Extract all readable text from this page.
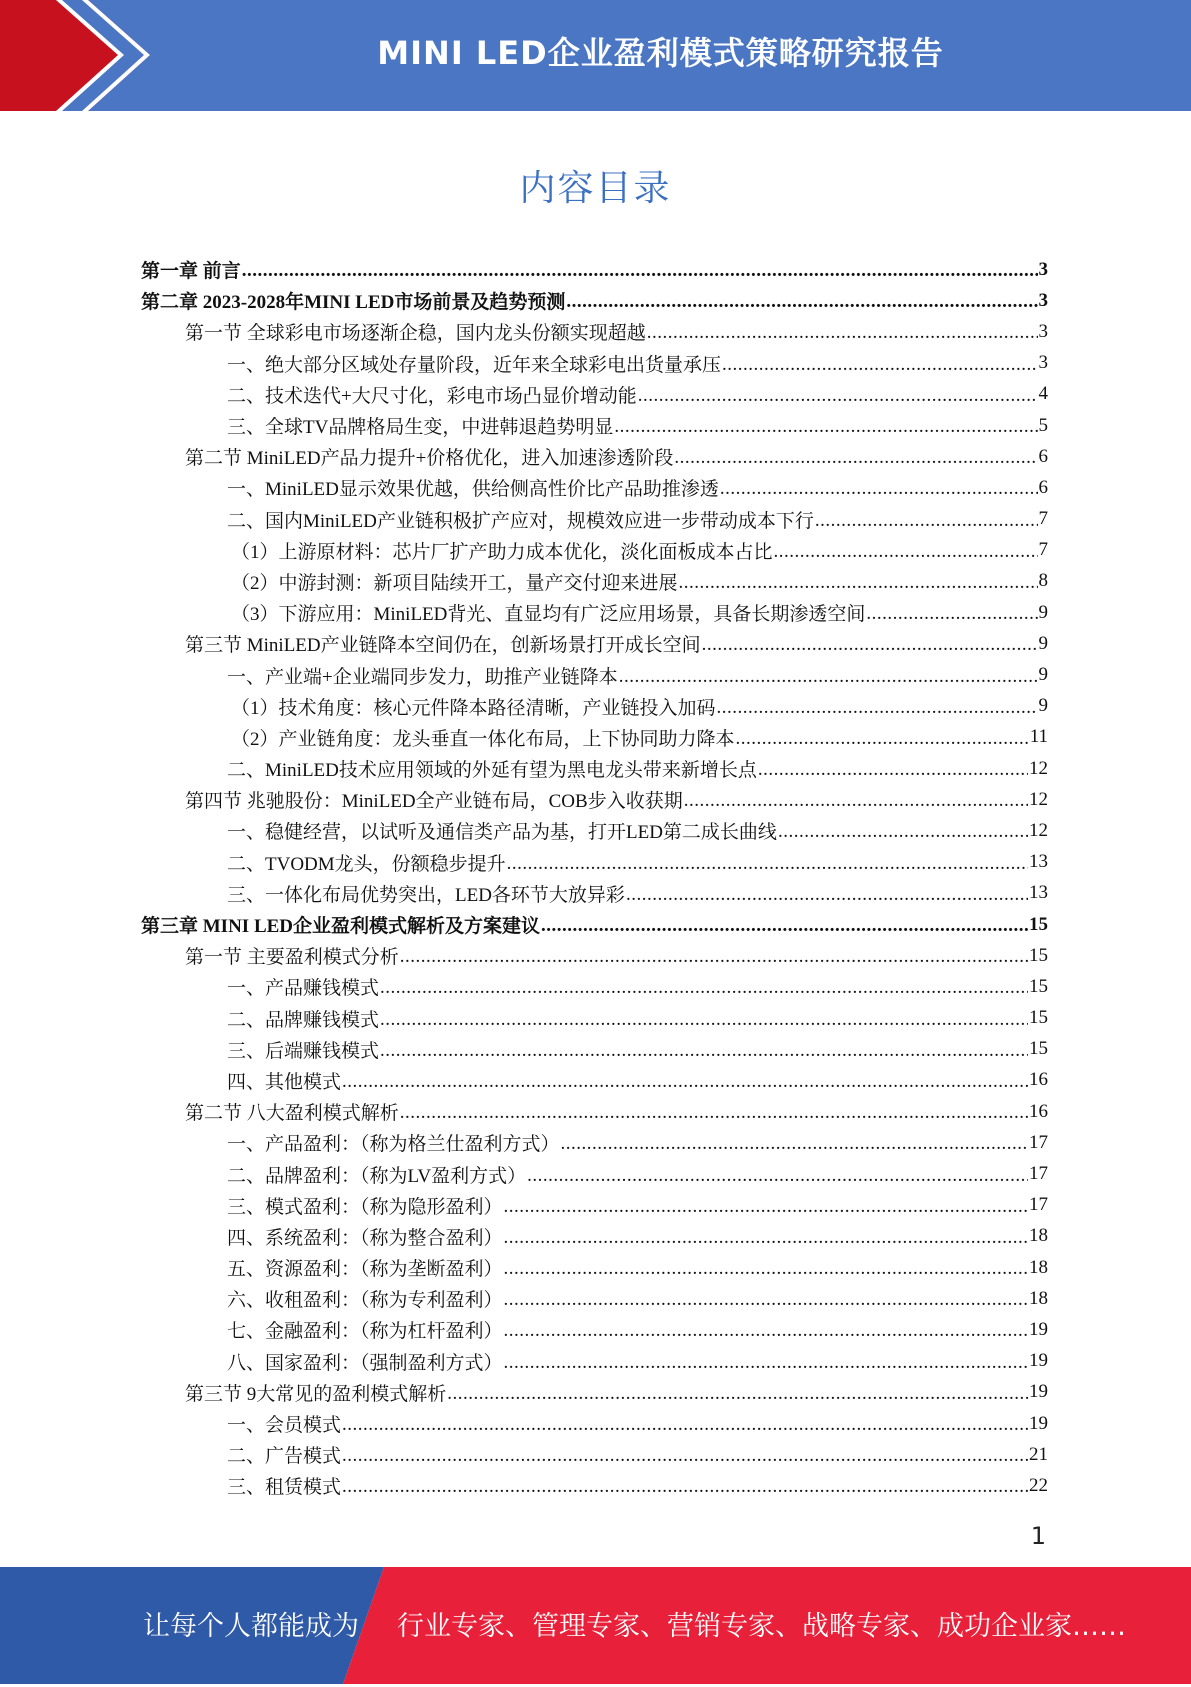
MINI LED企业盈利模式策略研究报告
内容目录
第一章 前言 .....	3
第二章 2023-2028年MINI LED市场前景及趋势预测 .....	3
第一节 全球彩电市场逐渐企稳，国内龙头份额实现超越 .....	3
一、绝大部分区域处存量阶段，近年来全球彩电出货量承压 .....	3
二、技术迭代+大尺寸化，彩电市场凸显价增动能 .....	4
三、全球TV品牌格局生变，中进韩退趋势明显 .....	5
第二节 MiniLED产品力提升+价格优化，进入加速渗透阶段 .....	6
一、MiniLED显示效果优越，供给侧高性价比产品助推渗透 .....	6
二、国内MiniLED产业链积极扩产应对，规模效应进一步带动成本下行 .....	7
（1）上游原材料：芯片厂扩产助力成本优化，淡化面板成本占比 .....	7
（2）中游封测：新项目陆续开工，量产交付迎来进展 .....	8
（3）下游应用：MiniLED背光、直显均有广泛应用场景，具备长期渗透空间 .....	9
第三节 MiniLED产业链降本空间仍在，创新场景打开成长空间 .....	9
一、产业端+企业端同步发力，助推产业链降本 .....	9
（1）技术角度：核心元件降本路径清晰，产业链投入加码 .....	9
（2）产业链角度：龙头垂直一体化布局，上下协同助力降本 .....	11
二、MiniLED技术应用领域的外延有望为黑电龙头带来新增长点 .....	12
第四节 兆驰股份：MiniLED全产业链布局，COB步入收获期 .....	12
一、稳健经营，以试听及通信类产品为基，打开LED第二成长曲线 .....	12
二、TVODM龙头，份额稳步提升 .....	13
三、一体化布局优势突出，LED各环节大放异彩 .....	13
第三章 MINI LED企业盈利模式解析及方案建议 .....	15
第一节 主要盈利模式分析 .....	15
一、产品赚钱模式 .....	15
二、品牌赚钱模式 .....	15
三、后端赚钱模式 .....	15
四、其他模式 .....	16
第二节 八大盈利模式解析 .....	16
一、产品盈利：（称为格兰仕盈利方式） .....	17
二、品牌盈利：（称为LV盈利方式） .....	17
三、模式盈利：（称为隐形盈利） .....	17
四、系统盈利：（称为整合盈利） .....	18
五、资源盈利：（称为垄断盈利） .....	18
六、收租盈利：（称为专利盈利） .....	18
七、金融盈利：（称为杠杆盈利） .....	19
八、国家盈利：（强制盈利方式） .....	19
第三节 9大常见的盈利模式解析 .....	19
一、会员模式 .....	19
二、广告模式 .....	21
三、租赁模式 .....	22
1
让每个人都能成为 行业专家、管理专家、营销专家、战略专家、成功企业家……
